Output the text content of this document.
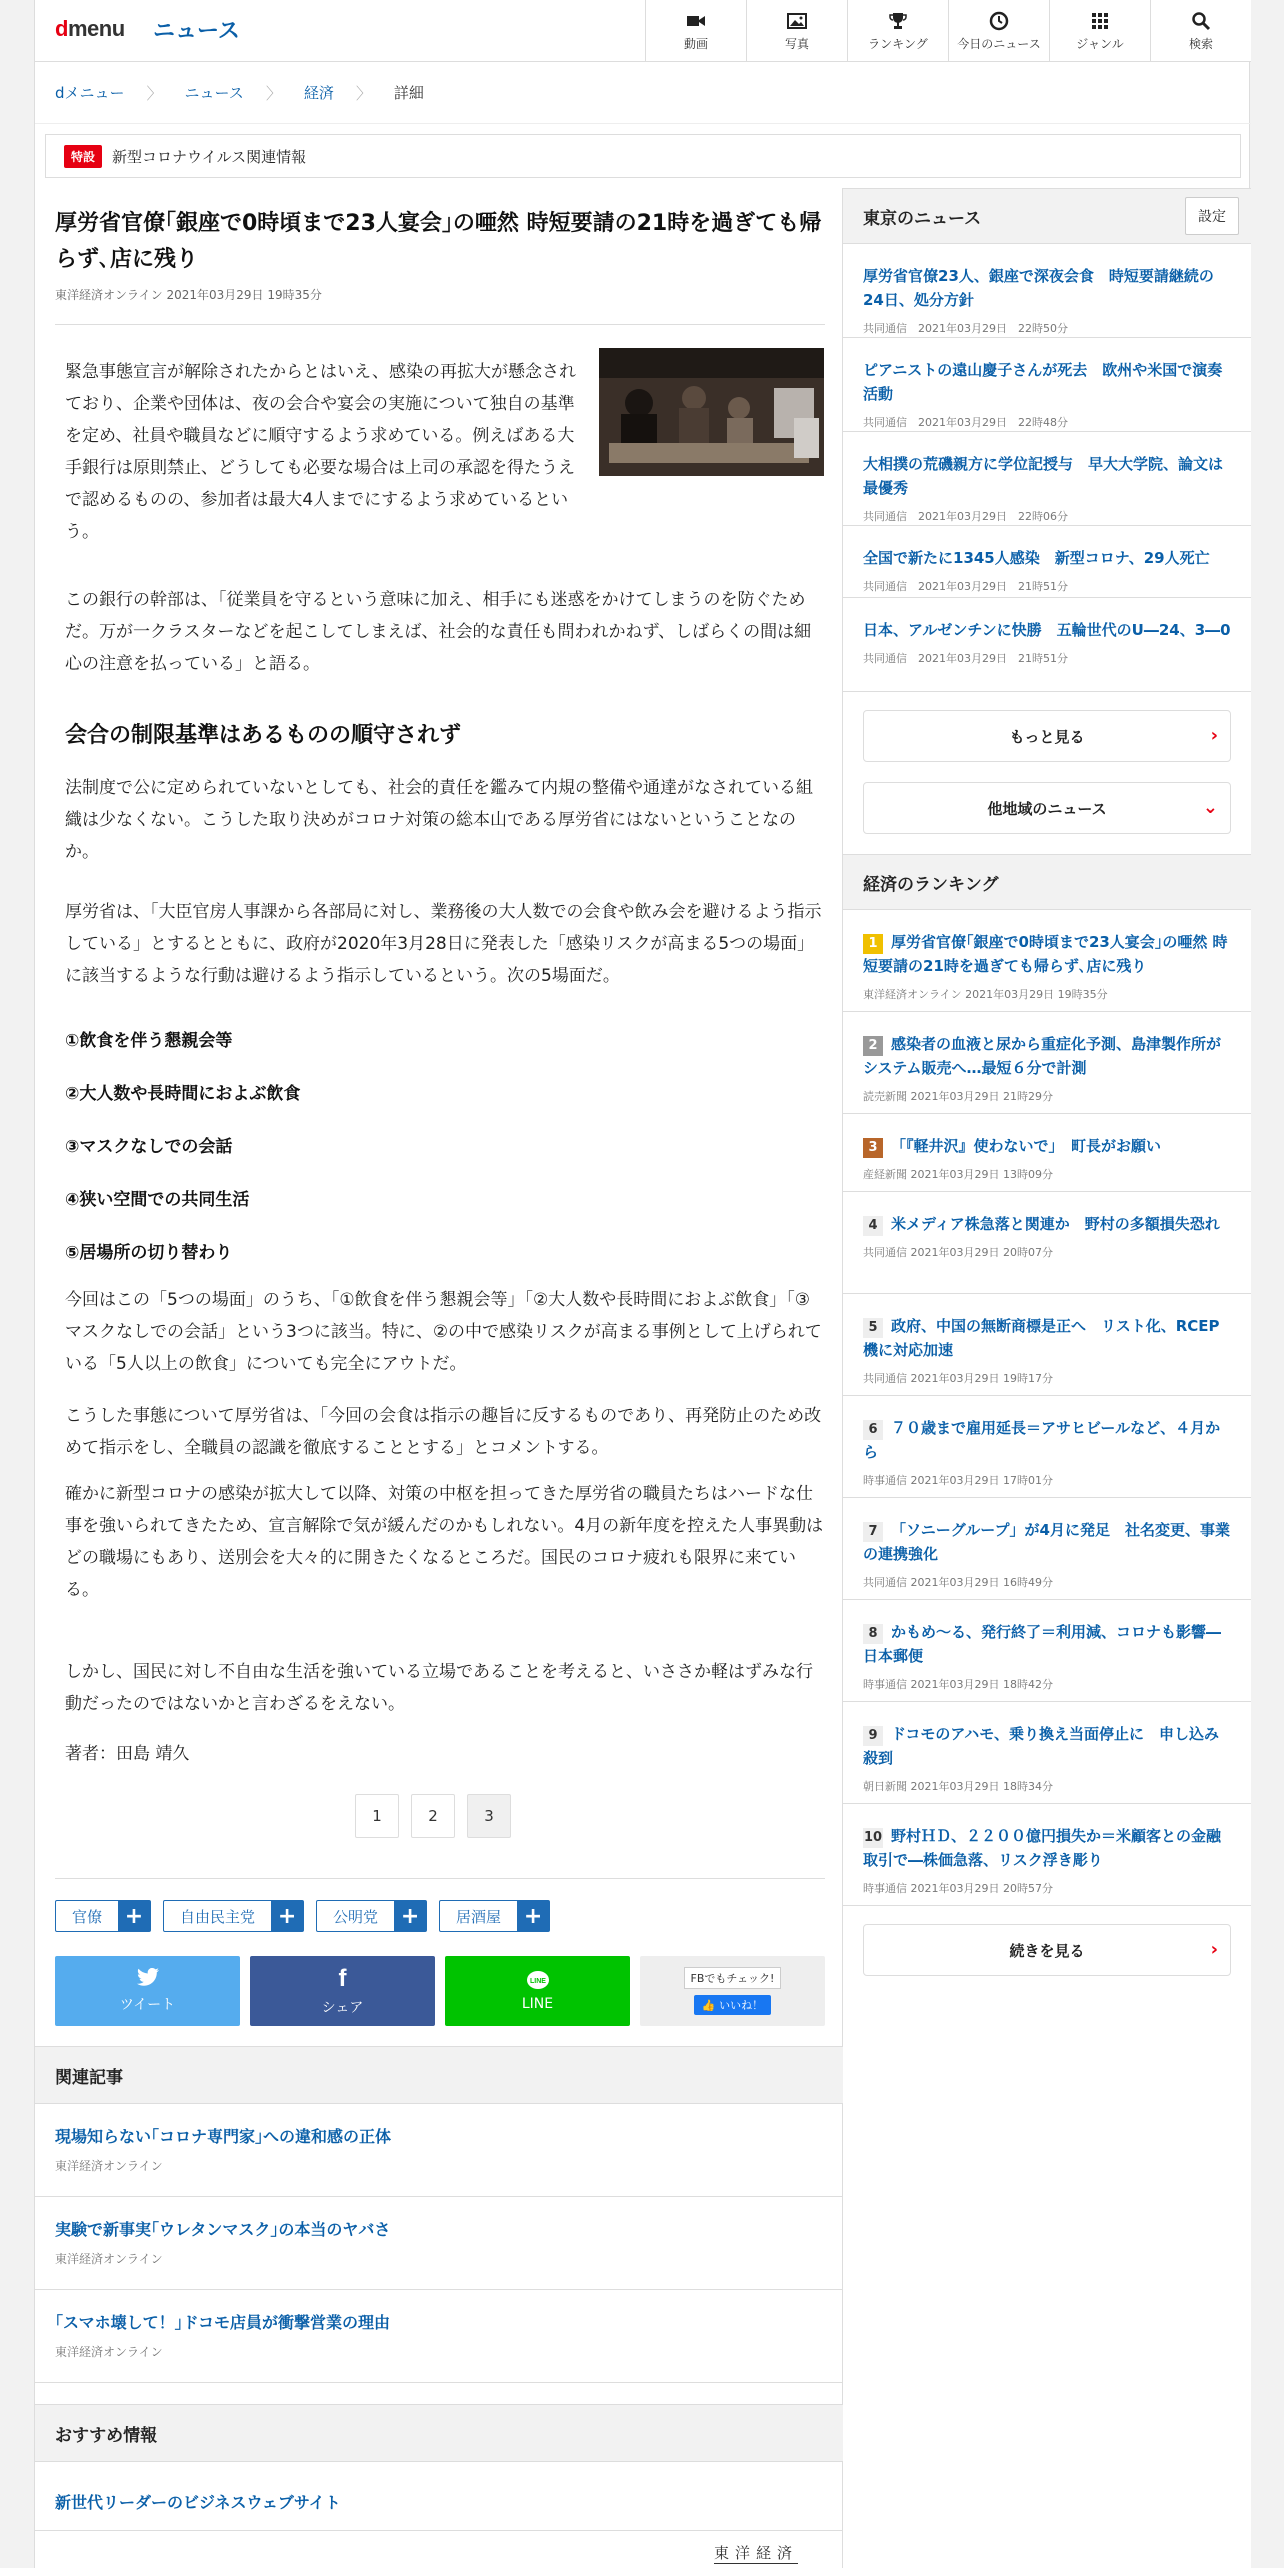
dmenu ニュース	動画	写真	ランキング 今日のニュース	ジャンル	検索
dメニュー 〉 ニュース 〉 経済 〉 詳細
特設	新型コロナウイルス関連情報
厚労省官僚｢銀座で0時頃まで23人宴会｣の唖然 時短要請の21時を過ぎても帰らず､店に残り
東洋経済オンライン 2021年03月29日 19時35分
緊急事態宣言が解除されたからとはいえ、感染の再拡大が懸念されており、企業や団体は、夜の会合や宴会の実施について独自の基準を定め、社員や職員などに順守するよう求めている。例えばある大手銀行は原則禁止、どうしても必要な場合は上司の承認を得たうえで認めるものの、参加者は最大4人までにするよう求めているという。
この銀行の幹部は、「従業員を守るという意味に加え、相手にも迷惑をかけてしまうのを防ぐためだ。万が一クラスターなどを起こしてしまえば、社会的な責任も問われかねず、しばらくの間は細心の注意を払っている」と語る。
会合の制限基準はあるものの順守されず
法制度で公に定められていないとしても、社会的責任を鑑みて内規の整備や通達がなされている組織は少なくない。こうした取り決めがコロナ対策の総本山である厚労省にはないということなのか。
厚労省は、「大臣官房人事課から各部局に対し、業務後の大人数での会食や飲み会を避けるよう指示している」とするとともに、政府が2020年3月28日に発表した「感染リスクが高まる5つの場面」に該当するような行動は避けるよう指示しているという。次の5場面だ。
①飲食を伴う懇親会等
②大人数や長時間におよぶ飲食
③マスクなしでの会話
④狭い空間での共同生活
⑤居場所の切り替わり
今回はこの「5つの場面」のうち、「①飲食を伴う懇親会等」「②大人数や長時間におよぶ飲食」「③マスクなしでの会話」という3つに該当。特に、②の中で感染リスクが高まる事例として上げられている「5人以上の飲食」についても完全にアウトだ。
こうした事態について厚労省は、「今回の会食は指示の趣旨に反するものであり、再発防止のため改めて指示をし、全職員の認識を徹底することとする」とコメントする。
確かに新型コロナの感染が拡大して以降、対策の中枢を担ってきた厚労省の職員たちはハードな仕事を強いられてきたため、宣言解除で気が緩んだのかもしれない。4月の新年度を控えた人事異動はどの職場にもあり、送別会を大々的に開きたくなるところだ。国民のコロナ疲れも限界に来ている。
しかし、国民に対し不自由な生活を強いている立場であることを考えると、いささか軽はずみな行動だったのではないかと言わざるをえない。
著者：田島 靖久
1	2	3
官僚	+	自由民主党	+	公明党	+	居酒屋	+
ツイート
f
シェア
LINE
LINE
FBでもチェック!
👍 いいね！
関連記事
現場知らない｢コロナ専門家｣への違和感の正体
東洋経済オンライン
実験で新事実｢ウレタンマスク｣の本当のヤバさ
東洋経済オンライン
｢スマホ壊して！｣ドコモ店員が衝撃営業の理由
東洋経済オンライン
おすすめ情報
新世代リーダーのビジネスウェブサイト
東洋経済
東京のニュース	設定
厚労省官僚23人、銀座で深夜会食　時短要請継続の24日、処分方針
共同通信　2021年03月29日　22時50分
ピアニストの遠山慶子さんが死去　欧州や米国で演奏活動
共同通信　2021年03月29日　22時48分
大相撲の荒磯親方に学位記授与　早大大学院、論文は最優秀
共同通信　2021年03月29日　22時06分
全国で新たに1345人感染　新型コロナ、29人死亡
共同通信　2021年03月29日　21時51分
日本、アルゼンチンに快勝　五輪世代のU―24、3―0
共同通信　2021年03月29日　21時51分
もっと見る	›
他地域のニュース	⌄
経済のランキング
1 厚労省官僚｢銀座で0時頃まで23人宴会｣の唖然 時短要請の21時を過ぎても帰らず､店に残り
東洋経済オンライン 2021年03月29日 19時35分
2 感染者の血液と尿から重症化予測、島津製作所がシステム販売へ…最短６分で計測
読売新聞 2021年03月29日 21時29分
3 「『軽井沢』使わないで」　町長がお願い
産経新聞 2021年03月29日 13時09分
4 米メディア株急落と関連か　野村の多額損失恐れ
共同通信 2021年03月29日 20時07分
5 政府、中国の無断商標是正へ　リスト化、RCEP機に対応加速
共同通信 2021年03月29日 19時17分
6 ７０歳まで雇用延長＝アサヒビールなど、４月から
時事通信 2021年03月29日 17時01分
7 「ソニーグループ」が4月に発足　社名変更、事業の連携強化
共同通信 2021年03月29日 16時49分
8 かもめ～る、発行終了＝利用減、コロナも影響―日本郵便
時事通信 2021年03月29日 18時42分
9 ドコモのアハモ、乗り換え当面停止に　申し込み殺到
朝日新聞 2021年03月29日 18時34分
10 野村ＨＤ、２２００億円損失か＝米顧客との金融取引で―株価急落、リスク浮き彫り
時事通信 2021年03月29日 20時57分
続きを見る	›
